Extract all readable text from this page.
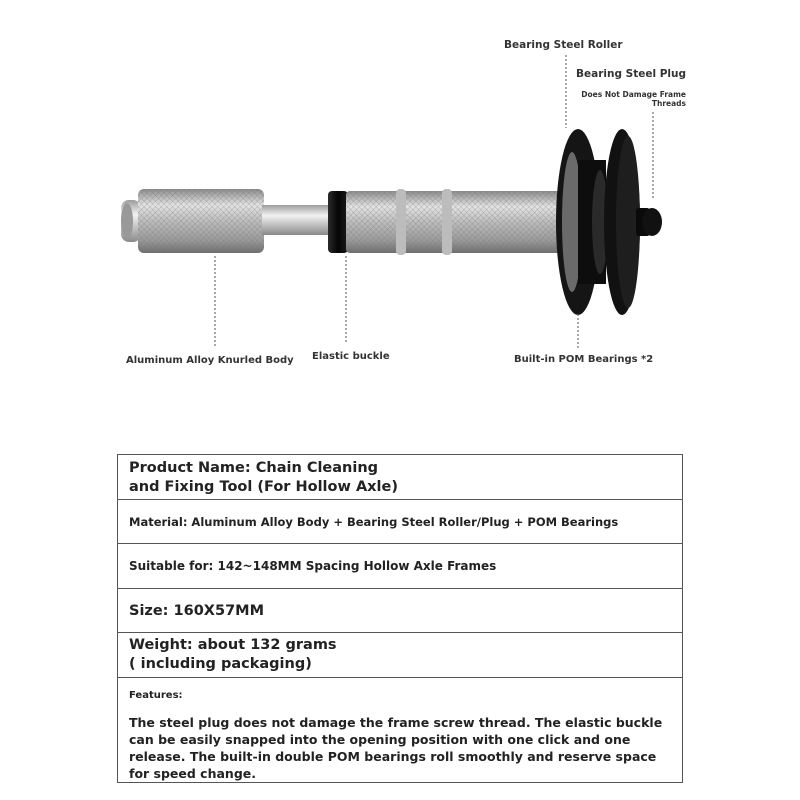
Bearing Steel Roller
Bearing Steel Plug
Does Not Damage Frame Threads
Aluminum Alloy Knurled Body Elastic buckle	Built-in POM Bearings *2
Product Name: Chain Cleaning and Fixing Tool (For Hollow Axle)
Material: Aluminum Alloy Body + Bearing Steel Roller/Plug + POM Bearings
Suitable for: 142~148MM Spacing Hollow Axle Frames
Size: 160X57MM
Weight: about 132 grams ( including packaging)
Features:
The steel plug does not damage the frame screw thread. The elastic buckle can be easily snapped into the opening position with one click and one release. The built-in double POM bearings roll smoothly and reserve space for speed change.
